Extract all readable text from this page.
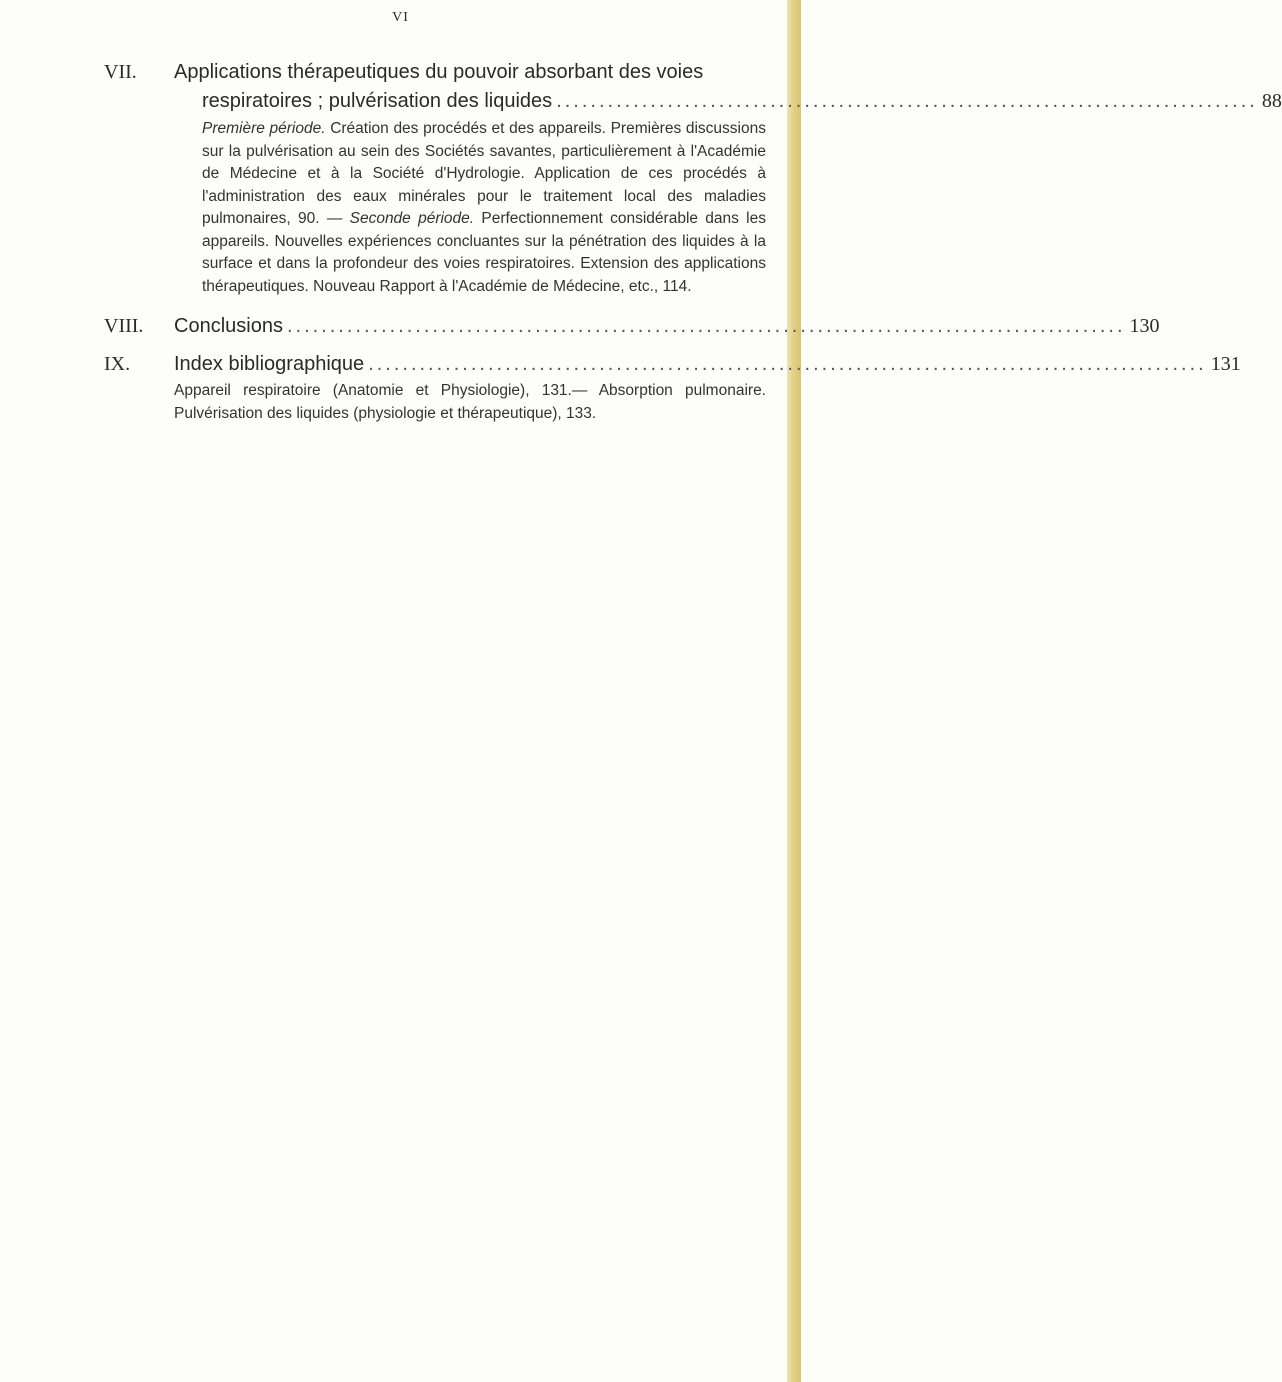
VI
VII.	Applications thérapeutiques du pouvoir absorbant des voies
respiratoires ; pulvérisation des liquides .................................................................................. 88
Première période. Création des procédés et des appareils. Premières discussions sur la pulvérisation au sein des Sociétés savantes, particulièrement à l'Académie de Médecine et à la Société d'Hydrologie. Application de ces procédés à l'administration des eaux minérales pour le traitement local des maladies pulmonaires, 90. — Seconde période. Perfectionnement considérable dans les appareils. Nouvelles expériences concluantes sur la pénétration des liquides à la surface et dans la profondeur des voies respiratoires. Extension des applications thérapeutiques. Nouveau Rapport à l'Académie de Médecine, etc., 114.
VIII.	Conclusions .................................................................................................. 130
IX.	Index bibliographique .................................................................................................. 131
Appareil respiratoire (Anatomie et Physiologie), 131.— Absorption pulmonaire. Pulvérisation des liquides (physiologie et thérapeutique), 133.
